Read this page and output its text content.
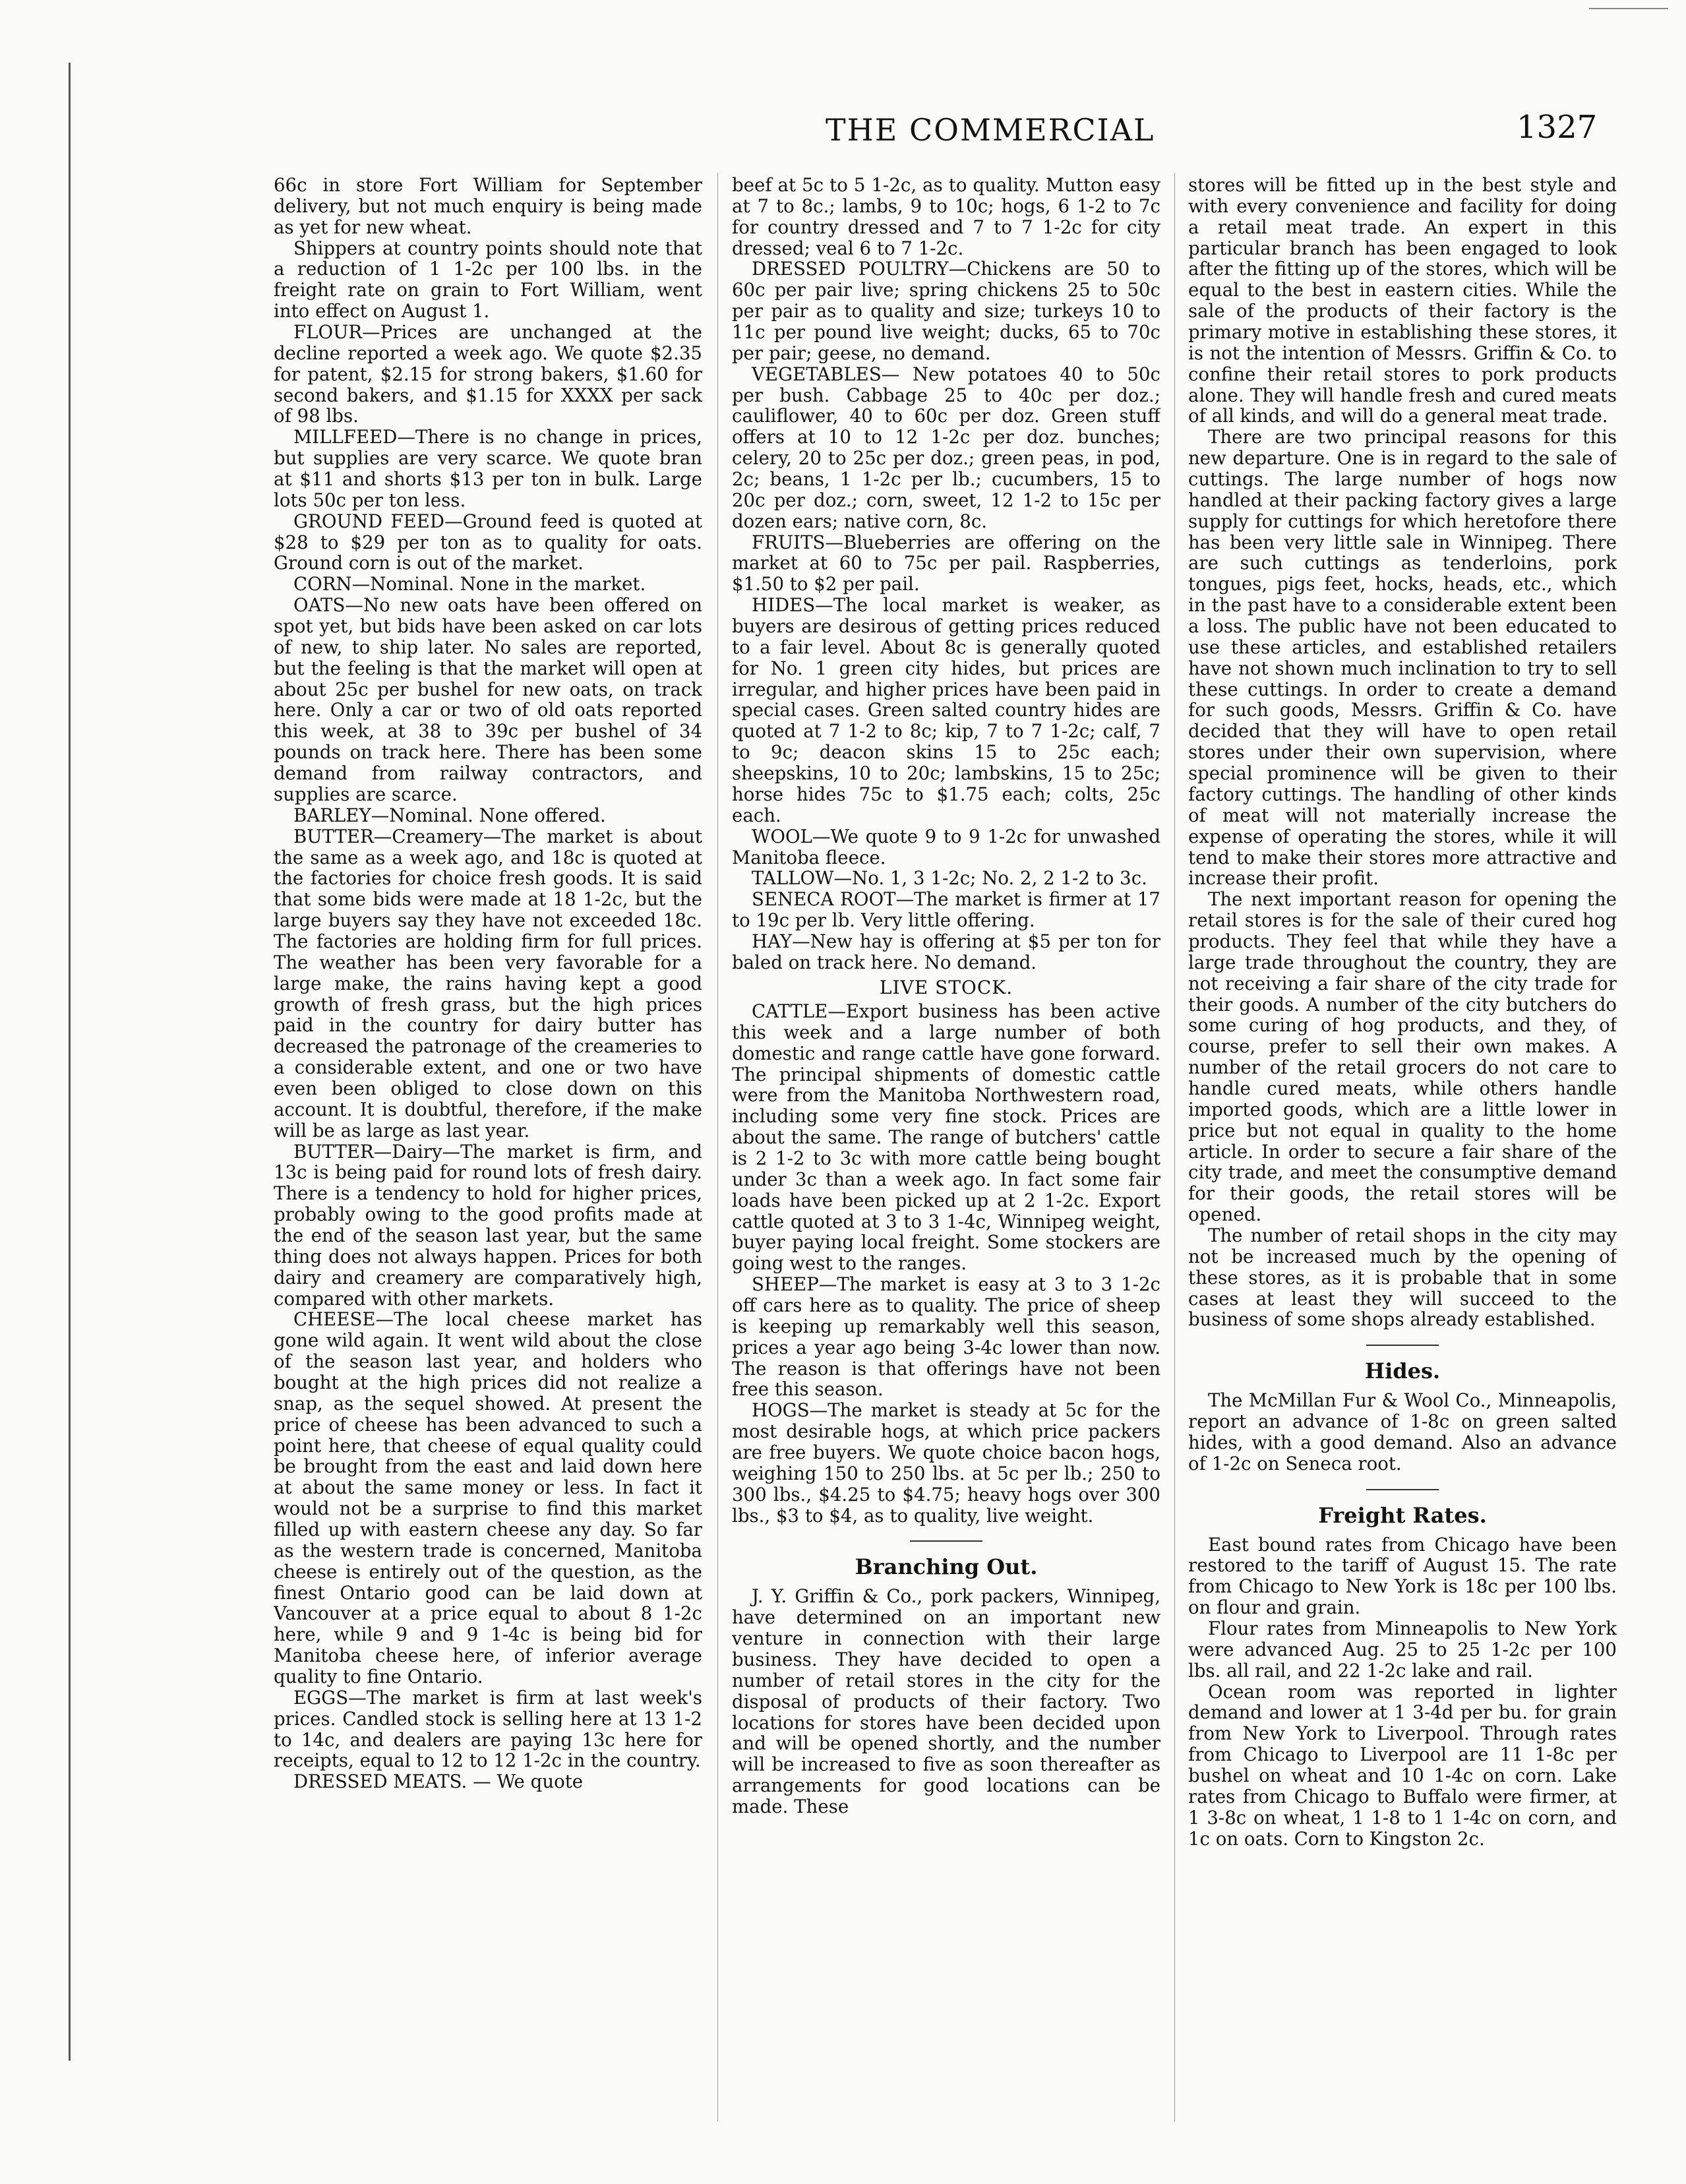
THE COMMERCIAL	1327

66c in store Fort William for September delivery, but not much enquiry is being made as yet for new wheat.

Shippers at country points should note that a reduction of 1 1-2c per 100 lbs. in the freight rate on grain to Fort William, went into effect on August 1.

FLOUR—Prices are unchanged at the decline reported a week ago. We quote $2.35 for patent, $2.15 for strong bakers, $1.60 for second bakers, and $1.15 for XXXX per sack of 98 lbs.

MILLFEED—There is no change in prices, but supplies are very scarce. We quote bran at $11 and shorts $13 per ton in bulk. Large lots 50c per ton less.

GROUND FEED—Ground feed is quoted at $28 to $29 per ton as to quality for oats. Ground corn is out of the market.

CORN—Nominal. None in the market.

OATS—No new oats have been offered on spot yet, but bids have been asked on car lots of new, to ship later. No sales are reported, but the feeling is that the market will open at about 25c per bushel for new oats, on track here. Only a car or two of old oats reported this week, at 38 to 39c per bushel of 34 pounds on track here. There has been some demand from railway contractors, and supplies are scarce.

BARLEY—Nominal. None offered.

BUTTER—Creamery—The market is about the same as a week ago, and 18c is quoted at the factories for choice fresh goods. It is said that some bids were made at 18 1-2c, but the large buyers say they have not exceeded 18c. The factories are holding firm for full prices. The weather has been very favorable for a large make, the rains having kept a good growth of fresh grass, but the high prices paid in the country for dairy butter has decreased the patronage of the creameries to a considerable extent, and one or two have even been obliged to close down on this account. It is doubtful, therefore, if the make will be as large as last year.

BUTTER—Dairy—The market is firm, and 13c is being paid for round lots of fresh dairy. There is a tendency to hold for higher prices, probably owing to the good profits made at the end of the season last year, but the same thing does not always happen. Prices for both dairy and creamery are comparatively high, compared with other markets.

CHEESE—The local cheese market has gone wild again. It went wild about the close of the season last year, and holders who bought at the high prices did not realize a snap, as the sequel showed. At present the price of cheese has been advanced to such a point here, that cheese of equal quality could be brought from the east and laid down here at about the same money or less. In fact it would not be a surprise to find this market filled up with eastern cheese any day. So far as the western trade is concerned, Manitoba cheese is entirely out of the question, as the finest Ontario good can be laid down at Vancouver at a price equal to about 8 1-2c here, while 9 and 9 1-4c is being bid for Manitoba cheese here, of inferior average quality to fine Ontario.

EGGS—The market is firm at last week's prices. Candled stock is selling here at 13 1-2 to 14c, and dealers are paying 13c here for receipts, equal to 12 to 12 1-2c in the country.

DRESSED MEATS. — We quote

beef at 5c to 5 1-2c, as to quality. Mutton easy at 7 to 8c.; lambs, 9 to 10c; hogs, 6 1-2 to 7c for country dressed and 7 to 7 1-2c for city dressed; veal 6 to 7 1-2c.

DRESSED POULTRY—Chickens are 50 to 60c per pair live; spring chickens 25 to 50c per pair as to quality and size; turkeys 10 to 11c per pound live weight; ducks, 65 to 70c per pair; geese, no demand.

VEGETABLES— New potatoes 40 to 50c per bush. Cabbage 25 to 40c per doz.; cauliflower, 40 to 60c per doz. Green stuff offers at 10 to 12 1-2c per doz. bunches; celery, 20 to 25c per doz.; green peas, in pod, 2c; beans, 1 1-2c per lb.; cucumbers, 15 to 20c per doz.; corn, sweet, 12 1-2 to 15c per dozen ears; native corn, 8c.

FRUITS—Blueberries are offering on the market at 60 to 75c per pail. Raspberries, $1.50 to $2 per pail.

HIDES—The local market is weaker, as buyers are desirous of getting prices reduced to a fair level. About 8c is generally quoted for No. 1 green city hides, but prices are irregular, and higher prices have been paid in special cases. Green salted country hides are quoted at 7 1-2 to 8c; kip, 7 to 7 1-2c; calf, 7 to 9c; deacon skins 15 to 25c each; sheepskins, 10 to 20c; lambskins, 15 to 25c; horse hides 75c to $1.75 each; colts, 25c each.

WOOL—We quote 9 to 9 1-2c for unwashed Manitoba fleece.

TALLOW—No. 1, 3 1-2c; No. 2, 2 1-2 to 3c.

SENECA ROOT—The market is firmer at 17 to 19c per lb. Very little offering.

HAY—New hay is offering at $5 per ton for baled on track here. No demand.

LIVE STOCK.

CATTLE—Export business has been active this week and a large number of both domestic and range cattle have gone forward. The principal shipments of domestic cattle were from the Manitoba Northwestern road, including some very fine stock. Prices are about the same. The range of butchers' cattle is 2 1-2 to 3c with more cattle being bought under 3c than a week ago. In fact some fair loads have been picked up at 2 1-2c. Export cattle quoted at 3 to 3 1-4c, Winnipeg weight, buyer paying local freight. Some stockers are going west to the ranges.

SHEEP—The market is easy at 3 to 3 1-2c off cars here as to quality. The price of sheep is keeping up remarkably well this season, prices a year ago being 3-4c lower than now. The reason is that offerings have not been free this season.

HOGS—The market is steady at 5c for the most desirable hogs, at which price packers are free buyers. We quote choice bacon hogs, weighing 150 to 250 lbs. at 5c per lb.; 250 to 300 lbs., $4.25 to $4.75; heavy hogs over 300 lbs., $3 to $4, as to quality, live weight.

Branching Out.

J. Y. Griffin & Co., pork packers, Winnipeg, have determined on an important new venture in connection with their large business. They have decided to open a number of retail stores in the city for the disposal of products of their factory. Two locations for stores have been decided upon and will be opened shortly, and the number will be increased to five as soon thereafter as arrangements for good locations can be made. These

stores will be fitted up in the best style and with every convenience and facility for doing a retail meat trade. An expert in this particular branch has been engaged to look after the fitting up of the stores, which will be equal to the best in eastern cities. While the sale of the products of their factory is the primary motive in establishing these stores, it is not the intention of Messrs. Griffin & Co. to confine their retail stores to pork products alone. They will handle fresh and cured meats of all kinds, and will do a general meat trade.

There are two principal reasons for this new departure. One is in regard to the sale of cuttings. The large number of hogs now handled at their packing factory gives a large supply for cuttings for which heretofore there has been very little sale in Winnipeg. There are such cuttings as tenderloins, pork tongues, pigs feet, hocks, heads, etc., which in the past have to a considerable extent been a loss. The public have not been educated to use these articles, and established retailers have not shown much inclination to try to sell these cuttings. In order to create a demand for such goods, Messrs. Griffin & Co. have decided that they will have to open retail stores under their own supervision, where special prominence will be given to their factory cuttings. The handling of other kinds of meat will not materially increase the expense of operating the stores, while it will tend to make their stores more attractive and increase their profit.

The next important reason for opening the retail stores is for the sale of their cured hog products. They feel that while they have a large trade throughout the country, they are not receiving a fair share of the city trade for their goods. A number of the city butchers do some curing of hog products, and they, of course, prefer to sell their own makes. A number of the retail grocers do not care to handle cured meats, while others handle imported goods, which are a little lower in price but not equal in quality to the home article. In order to secure a fair share of the city trade, and meet the consumptive demand for their goods, the retail stores will be opened.

The number of retail shops in the city may not be increased much by the opening of these stores, as it is probable that in some cases at least they will succeed to the business of some shops already established.

Hides.

The McMillan Fur & Wool Co., Minneapolis, report an advance of 1-8c on green salted hides, with a good demand. Also an advance of 1-2c on Seneca root.

Freight Rates.

East bound rates from Chicago have been restored to the tariff of August 15. The rate from Chicago to New York is 18c per 100 lbs. on flour and grain.

Flour rates from Minneapolis to New York were advanced Aug. 25 to 25 1-2c per 100 lbs. all rail, and 22 1-2c lake and rail.

Ocean room was reported in lighter demand and lower at 1 3-4d per bu. for grain from New York to Liverpool. Through rates from Chicago to Liverpool are 11 1-8c per bushel on wheat and 10 1-4c on corn. Lake rates from Chicago to Buffalo were firmer, at 1 3-8c on wheat, 1 1-8 to 1 1-4c on corn, and 1c on oats. Corn to Kingston 2c.
